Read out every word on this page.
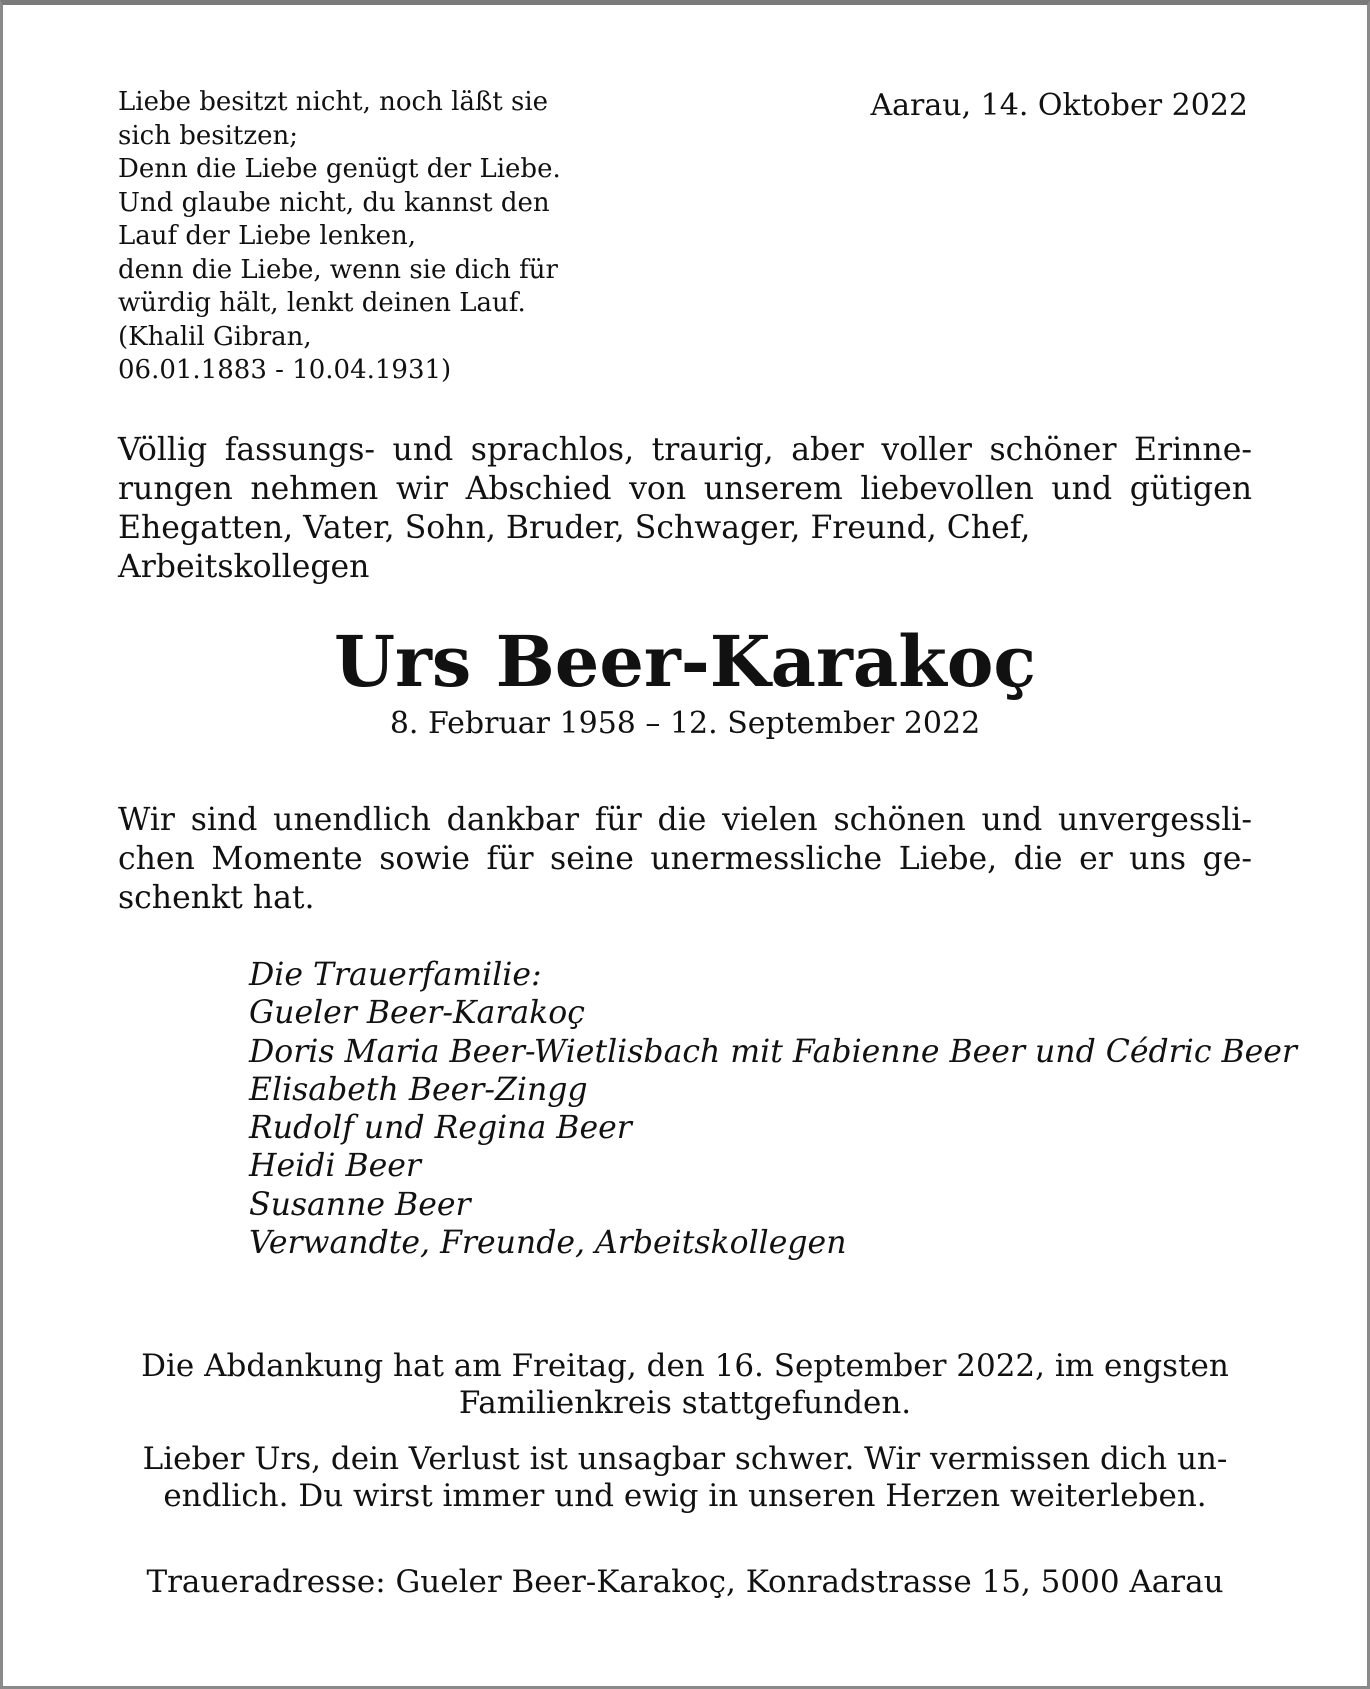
Liebe besitzt nicht, noch läßt sie
sich besitzen;
Denn die Liebe genügt der Liebe.
Und glaube nicht, du kannst den
Lauf der Liebe lenken,
denn die Liebe, wenn sie dich für
würdig hält, lenkt deinen Lauf.
(Khalil Gibran,
06.01.1883 - 10.04.1931)
Aarau, 14. Oktober 2022
Völlig fassungs- und sprachlos, traurig, aber voller schöner Erinne-
rungen nehmen wir Abschied von unserem liebevollen und gütigen
Ehegatten, Vater, Sohn, Bruder, Schwager, Freund, Chef,
Arbeitskollegen
Urs Beer-Karakoç
8. Februar 1958 – 12. September 2022
Wir sind unendlich dankbar für die vielen schönen und unvergessli-
chen Momente sowie für seine unermessliche Liebe, die er uns ge-
schenkt hat.
Die Trauerfamilie:
Gueler Beer-Karakoç
Doris Maria Beer-Wietlisbach mit Fabienne Beer und Cédric Beer
Elisabeth Beer-Zingg
Rudolf und Regina Beer
Heidi Beer
Susanne Beer
Verwandte, Freunde, Arbeitskollegen
Die Abdankung hat am Freitag, den 16. September 2022, im engsten
Familienkreis stattgefunden.
Lieber Urs, dein Verlust ist unsagbar schwer. Wir vermissen dich un-
endlich. Du wirst immer und ewig in unseren Herzen weiterleben.
Traueradresse: Gueler Beer-Karakoç, Konradstrasse 15, 5000 Aarau
